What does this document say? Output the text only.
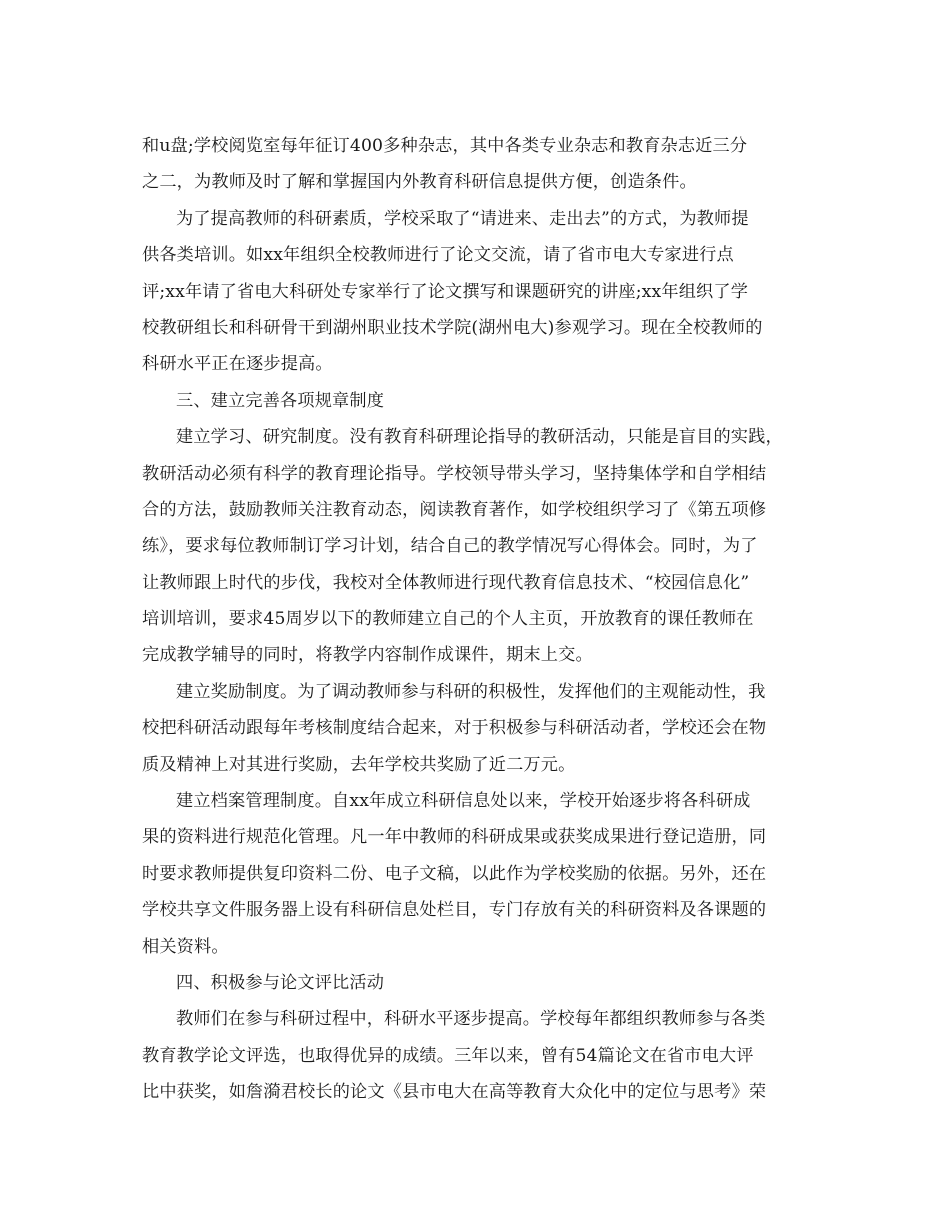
和u盘;学校阅览室每年征订400多种杂志，其中各类专业杂志和教育杂志近三分
之二，为教师及时了解和掌握国内外教育科研信息提供方便，创造条件。
为了提高教师的科研素质，学校采取了“请进来、走出去”的方式，为教师提
供各类培训。如xx年组织全校教师进行了论文交流，请了省市电大专家进行点
评;xx年请了省电大科研处专家举行了论文撰写和课题研究的讲座;xx年组织了学
校教研组长和科研骨干到湖州职业技术学院(湖州电大)参观学习。现在全校教师的
科研水平正在逐步提高。
三、建立完善各项规章制度
建立学习、研究制度。没有教育科研理论指导的教研活动，只能是盲目的实践，
教研活动必须有科学的教育理论指导。学校领导带头学习，坚持集体学和自学相结
合的方法，鼓励教师关注教育动态，阅读教育著作，如学校组织学习了《第五项修
练》，要求每位教师制订学习计划，结合自己的教学情况写心得体会。同时，为了
让教师跟上时代的步伐，我校对全体教师进行现代教育信息技术、“校园信息化”
培训培训，要求45周岁以下的教师建立自己的个人主页，开放教育的课任教师在
完成教学辅导的同时，将教学内容制作成课件，期末上交。
建立奖励制度。为了调动教师参与科研的积极性，发挥他们的主观能动性，我
校把科研活动跟每年考核制度结合起来，对于积极参与科研活动者，学校还会在物
质及精神上对其进行奖励，去年学校共奖励了近二万元。
建立档案管理制度。自xx年成立科研信息处以来，学校开始逐步将各科研成
果的资料进行规范化管理。凡一年中教师的科研成果或获奖成果进行登记造册，同
时要求教师提供复印资料二份、电子文稿，以此作为学校奖励的依据。另外，还在
学校共享文件服务器上设有科研信息处栏目，专门存放有关的科研资料及各课题的
相关资料。
四、积极参与论文评比活动
教师们在参与科研过程中，科研水平逐步提高。学校每年都组织教师参与各类
教育教学论文评选，也取得优异的成绩。三年以来，曾有54篇论文在省市电大评
比中获奖，如詹漪君校长的论文《县市电大在高等教育大众化中的定位与思考》荣
